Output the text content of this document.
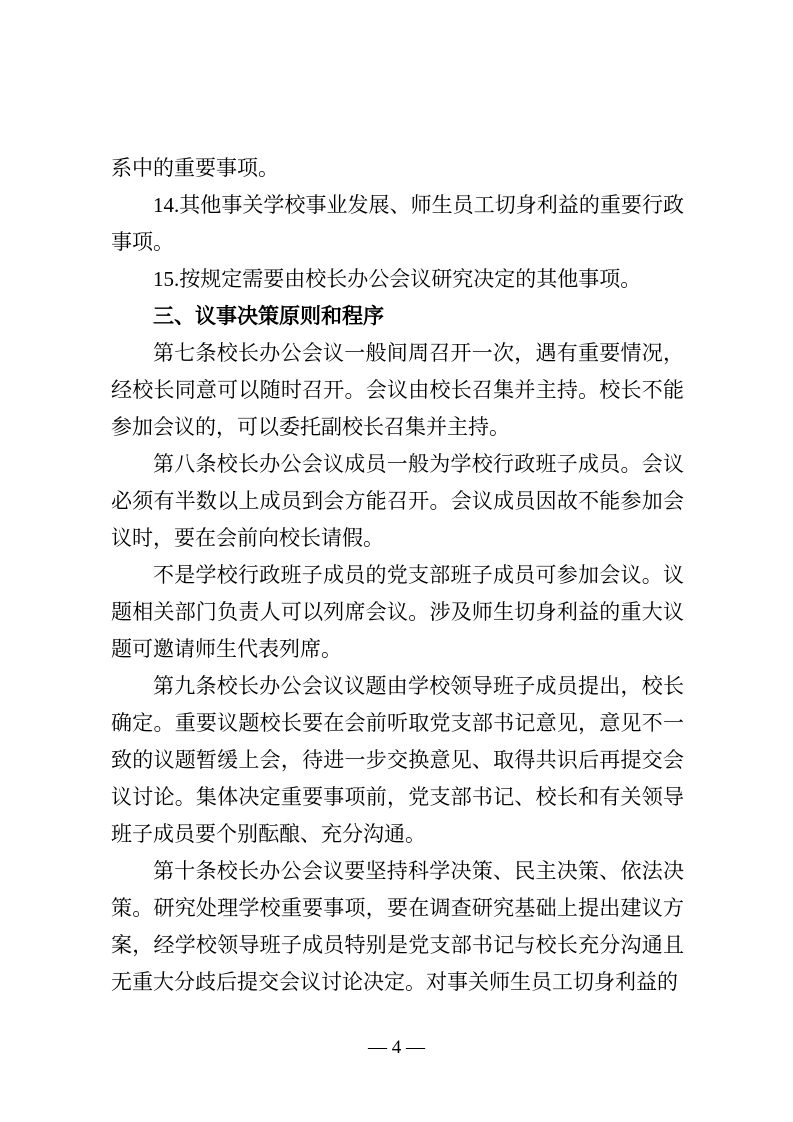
系中的重要事项。

14.其他事关学校事业发展、师生员工切身利益的重要行政事项。

15.按规定需要由校长办公会议研究决定的其他事项。

三、议事决策原则和程序

第七条校长办公会议一般间周召开一次，遇有重要情况，经校长同意可以随时召开。会议由校长召集并主持。校长不能参加会议的，可以委托副校长召集并主持。

第八条校长办公会议成员一般为学校行政班子成员。会议必须有半数以上成员到会方能召开。会议成员因故不能参加会议时，要在会前向校长请假。

不是学校行政班子成员的党支部班子成员可参加会议。议题相关部门负责人可以列席会议。涉及师生切身利益的重大议题可邀请师生代表列席。

第九条校长办公会议议题由学校领导班子成员提出，校长确定。重要议题校长要在会前听取党支部书记意见，意见不一致的议题暂缓上会，待进一步交换意见、取得共识后再提交会议讨论。集体决定重要事项前，党支部书记、校长和有关领导班子成员要个别酝酿、充分沟通。

第十条校长办公会议要坚持科学决策、民主决策、依法决策。研究处理学校重要事项，要在调查研究基础上提出建议方案，经学校领导班子成员特别是党支部书记与校长充分沟通且无重大分歧后提交会议讨论决定。对事关师生员工切身利益的

— 4 —
